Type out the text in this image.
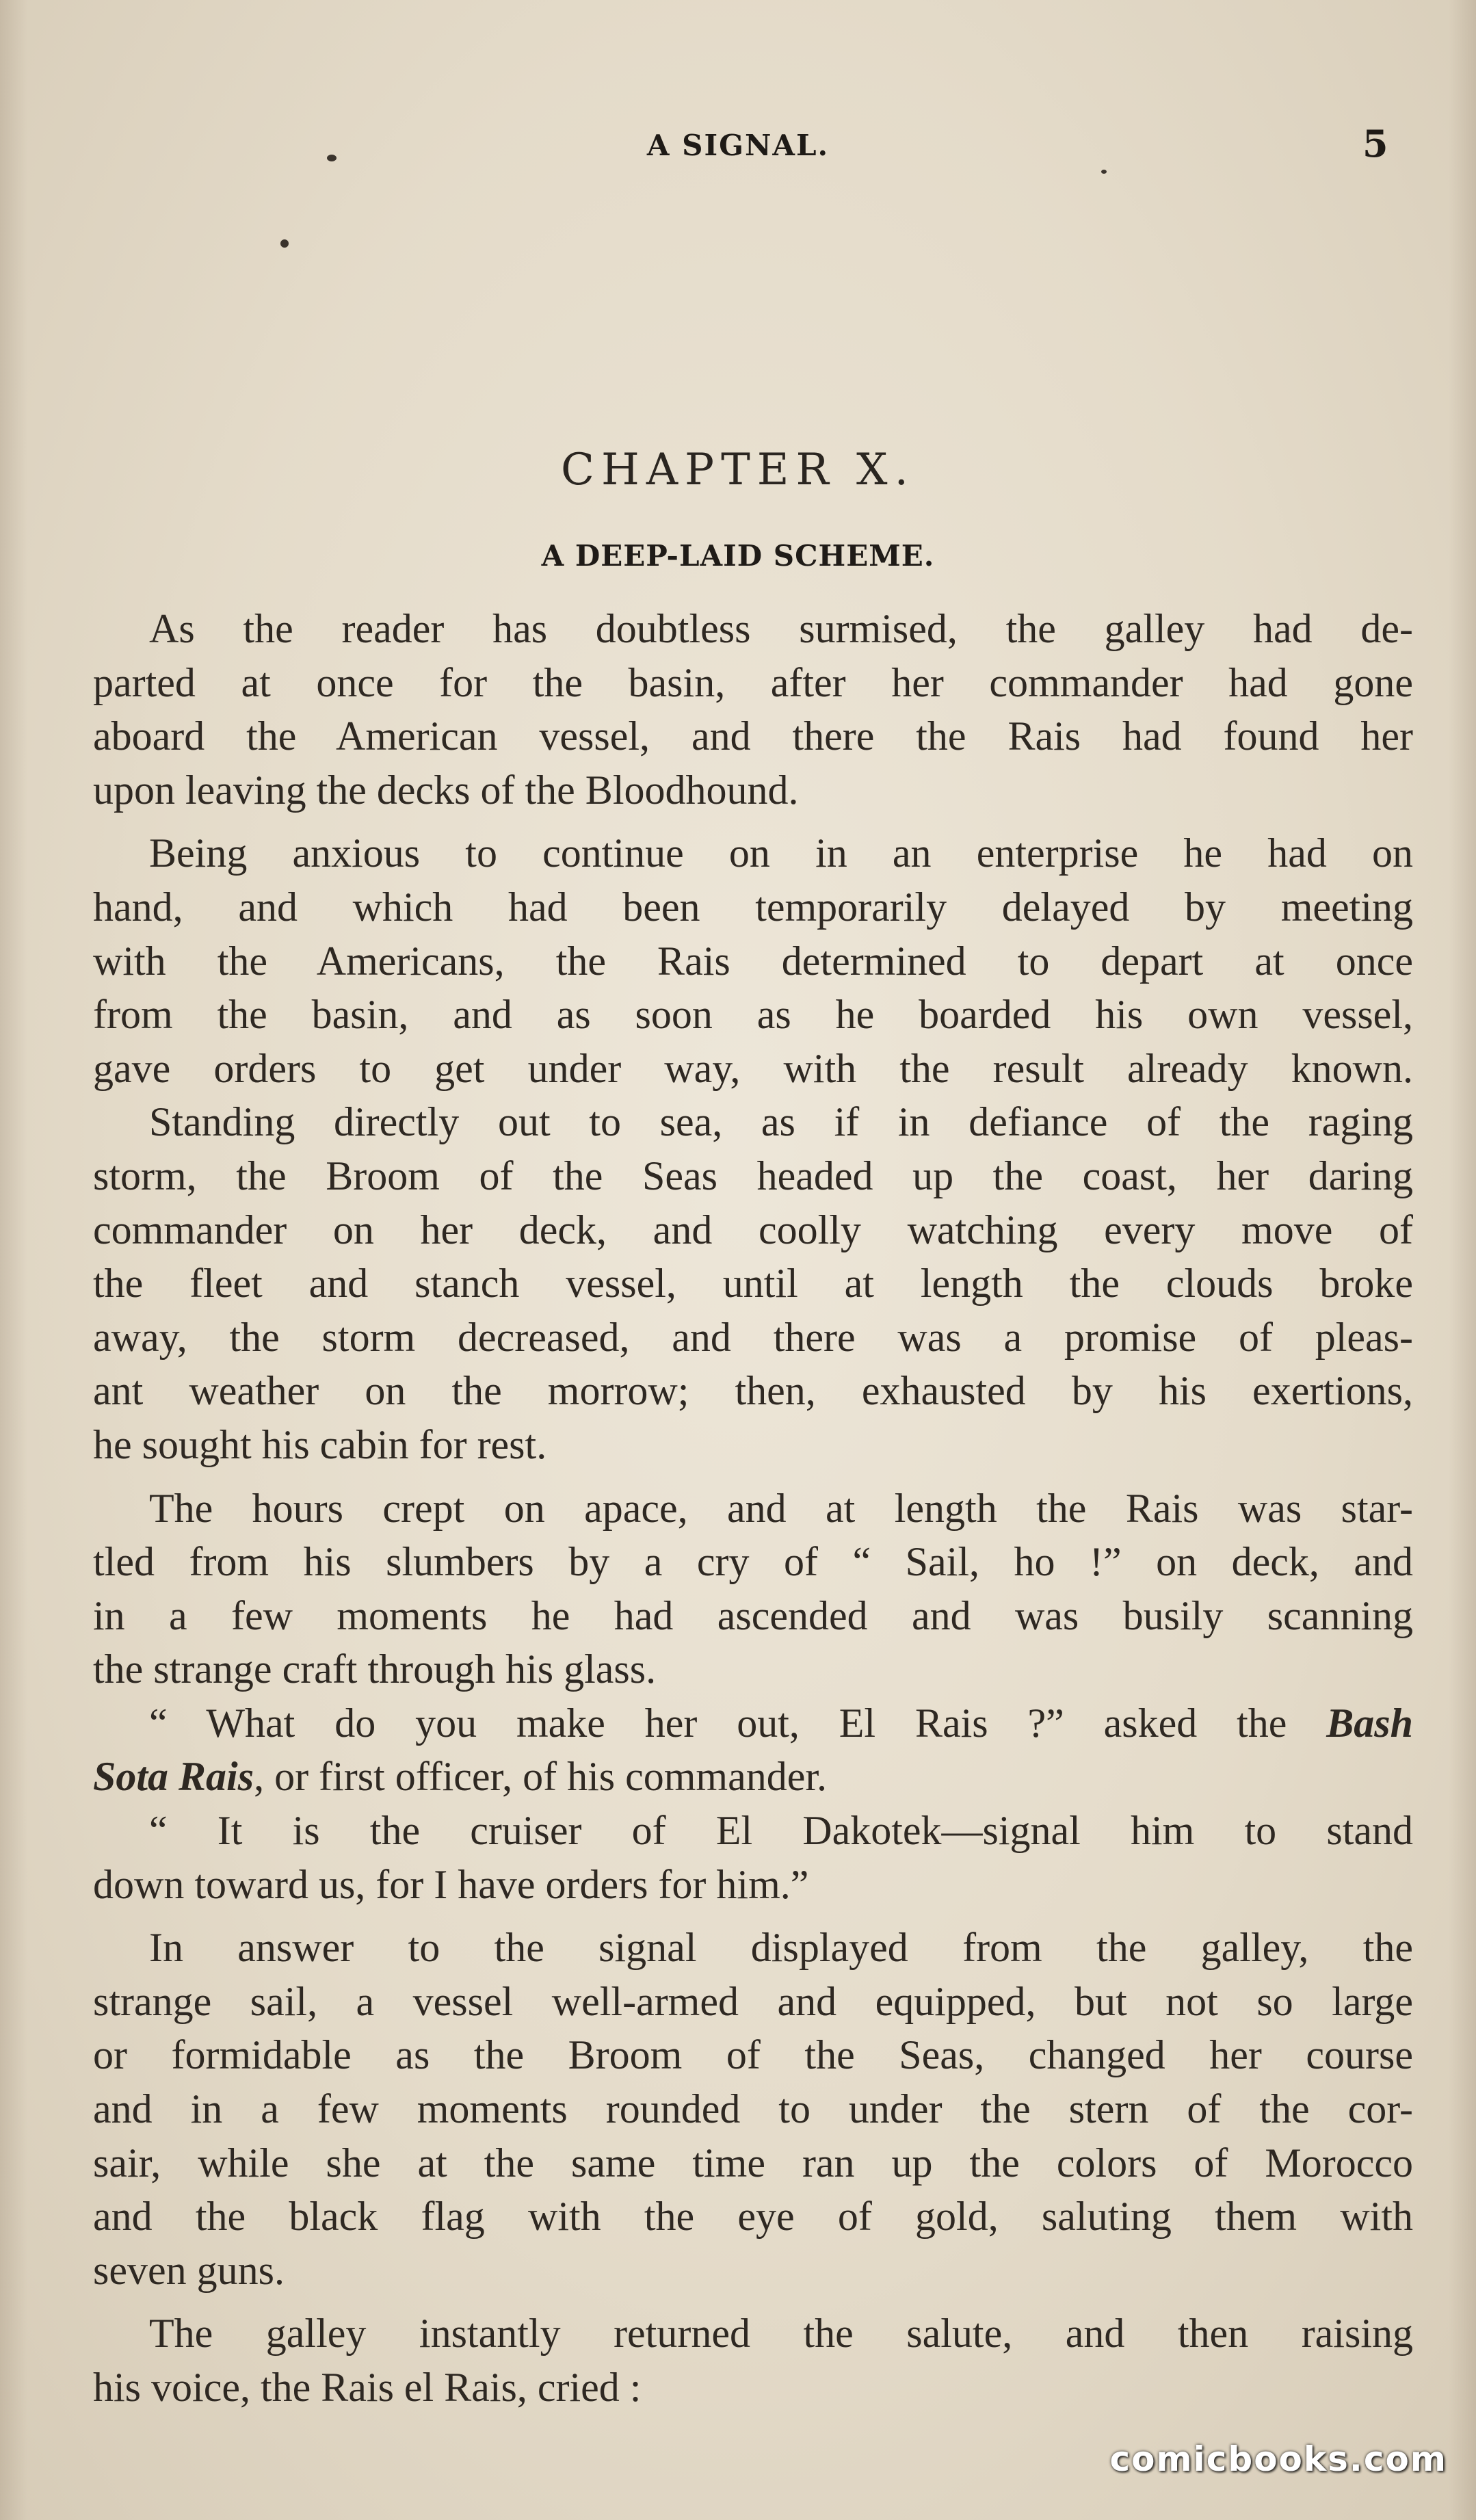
A SIGNAL.	5
CHAPTER X.
A DEEP-LAID SCHEME.
As the reader has doubtless surmised, the galley had de-
parted at once for the basin, after her commander had gone
aboard the American vessel, and there the Rais had found her
upon leaving the decks of the Bloodhound.
Being anxious to continue on in an enterprise he had on
hand, and which had been temporarily delayed by meeting
with the Americans, the Rais determined to depart at once
from the basin, and as soon as he boarded his own vessel,
gave orders to get under way, with the result already known.
Standing directly out to sea, as if in defiance of the raging
storm, the Broom of the Seas headed up the coast, her daring
commander on her deck, and coolly watching every move of
the fleet and stanch vessel, until at length the clouds broke
away, the storm decreased, and there was a promise of pleas-
ant weather on the morrow; then, exhausted by his exertions,
he sought his cabin for rest.
The hours crept on apace, and at length the Rais was star-
tled from his slumbers by a cry of “ Sail, ho !” on deck, and
in a few moments he had ascended and was busily scanning
the strange craft through his glass.
“ What do you make her out, El Rais ?” asked the Bash
Sota Rais, or first officer, of his commander.
“ It is the cruiser of El Dakotek—signal him to stand
down toward us, for I have orders for him.”
In answer to the signal displayed from the galley, the
strange sail, a vessel well-armed and equipped, but not so large
or formidable as the Broom of the Seas, changed her course
and in a few moments rounded to under the stern of the cor-
sair, while she at the same time ran up the colors of Morocco
and the black flag with the eye of gold, saluting them with
seven guns.
The galley instantly returned the salute, and then raising
his voice, the Rais el Rais, cried :
comicbooks.com
